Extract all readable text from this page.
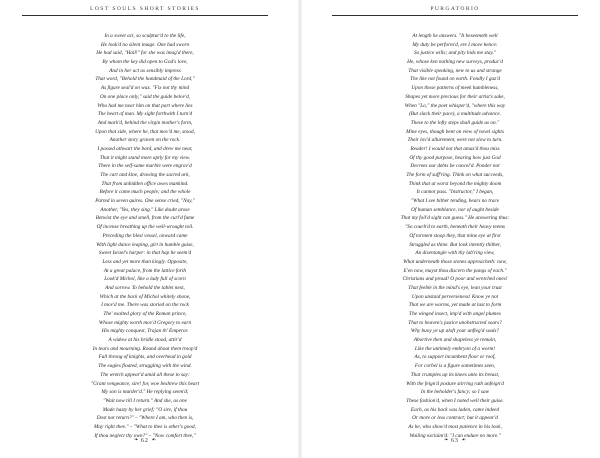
LOST SOULS SHORT STORIES
In a sweet act, so sculptur'd to the life,
He look'd no silent image. One had sworn
He had said, "Hail!" for she was imag'd there,
By whom the key did open to God's love,
And in her act as sensibly impress
That word, "Behold the handmaid of the Lord,"
As figure seal'd on wax. "Fix not thy mind
On one place only," said the guide belov'd,
Who had me near him on that part where lies
The heart of man. My sight forthwith I turn'd
And mark'd, behind the virgin mother's form,
Upon that side, where he, that mov'd me, stood,
Another story graven on the rock.
I passed athwart the bard, and drew me near,
That it might stand more aptly for my view.
There in the self-same marble were engrav'd
The cart and kine, drawing the sacred ark,
That from unbidden office awes mankind.
Before it came much people; and the whole
Parted in seven quires. One sense cried, "Nay,"
Another, "Yes, they sing." Like doubt arose
Betwixt the eye and smell, from the curl'd fume
Of incense breathing up the well-wrought toil.
Preceding the blest vessel, onward came
With light dance leaping, girt in humble guise,
Sweet Israel's harper: in that hap he seem'd
Less and yet more than kingly. Opposite,
At a great palace, from the lattice forth
Look'd Michol, like a lady full of scorn
And sorrow. To behold the tablet next,
Which at the back of Michol whitely shone,
I mov'd me. There was storied on the rock
The' exalted glory of the Roman prince,
Whose mighty worth mov'd Gregory to earn
His mighty conquest, Trajan th' Emperor.
A widow at his bridle stood, attir'd
In tears and mourning. Round about them troop'd
Full throng of knights, and overhead in gold
The eagles floated, struggling with the wind.
The wretch appear'd amid all these to say:
"Grant vengeance, sire! for, woe beshrew this heart
My son is murder'd." He replying seem'd;
"Wait now till I return." And she, as one
Made hasty by her grief; "O sire, if thou
Dost not return?" – "Where I am, who then is,
May right thee." – "What to thee is other's good,
If thou neglect thy own?" – "Now comfort thee,"
❧ 62 ☙
PURGATORIO
At length he answers. "It beseemeth well
My duty be perform'd, ere I move hence:
So justice wills; and pity bids me stay."
He, whose ken nothing new surveys, produc'd
That visible speaking, new to us and strange
The like not found on earth. Fondly I gaz'd
Upon those patterns of meek humbleness,
Shapes yet more precious for their artist's sake,
When "Lo," the poet whisper'd, "where this way
(But slack their pace), a multitude advance.
These to the lofty steps shall guide us on."
Mine eyes, though bent on view of novel sights
Their lov'd allurement, were not slow to turn.
Reader! I would not that amaz'd thou miss
Of thy good purpose, hearing how just God
Decrees our debts be cancel'd. Ponder not
The form of suff'ring. Think on what succeeds,
Think that at worst beyond the mighty doom
It cannot pass. "Instructor," I began,
"What I see hither tending, bears no trace
Of human semblance, nor of aught beside
That my foil'd sight can guess." He answering thus:
"So courb'd to earth, beneath their heavy teems
Of torment stoop they, that mine eye at first
Struggled as thine. But look intently thither,
An disentangle with thy lab'ring view,
What underneath those stones approacheth: now,
E'en now, mayst thou discern the pangs of each."
Christians and proud! O poor and wretched ones!
That feeble in the mind's eye, lean your trust
Upon unstaid perverseness! Know ye not
That we are worms, yet made at last to form
The winged insect, imp'd with angel plumes
That to heaven's justice unobstructed soars?
Why buoy ye up aloft your unfleg'd souls?
Abortive then and shapeless ye remain,
Like the untimely embryon of a worm!
As, to support incumbent floor or roof,
For corbel is a figure sometimes seen,
That crumples up its knees unto its breast,
With the feign'd posture stirring ruth unfeign'd
In the beholder's fancy; so I saw
These fashion'd, when I noted well their guise.
Each, as his back was laden, came indeed
Or more or less contract; but it appear'd
As he, who show'd most patience in his look,
Wailing exclaim'd: "I can endure no more."
❧ 63 ☙
